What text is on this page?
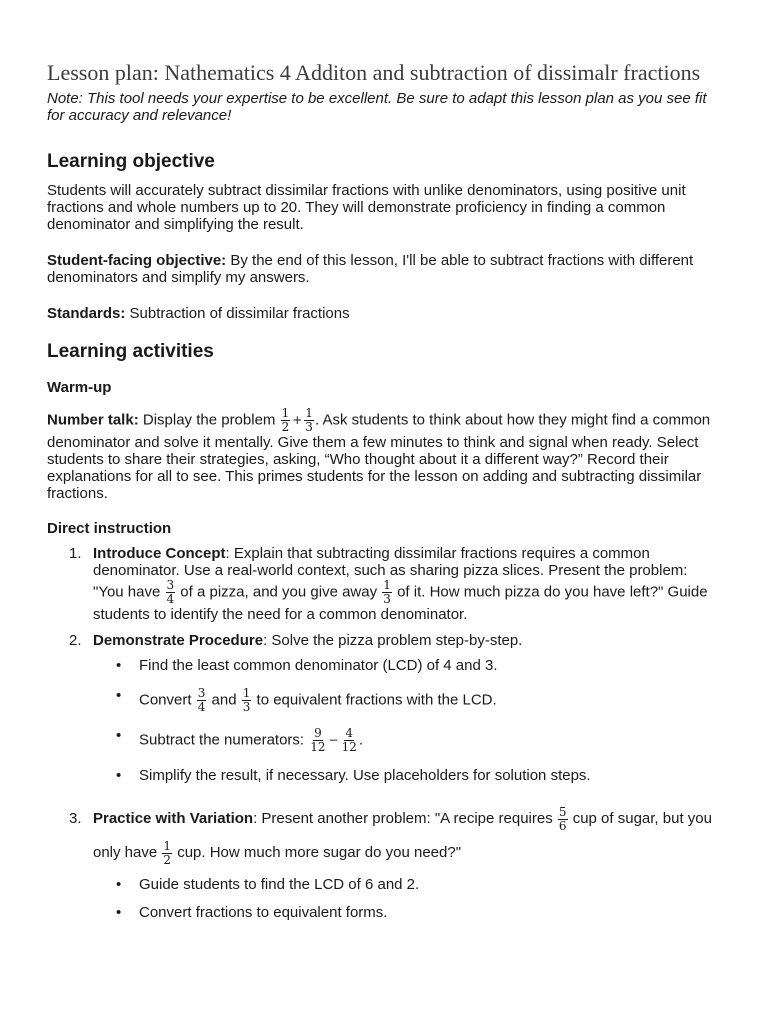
Lesson plan: Nathematics 4 Additon and subtraction of dissimalr fractions

Note: This tool needs your expertise to be excellent. Be sure to adapt this lesson plan as you see fit for accuracy and relevance!

Learning objective

Students will accurately subtract dissimilar fractions with unlike denominators, using positive unit fractions and whole numbers up to 20. They will demonstrate proficiency in finding a common denominator and simplifying the result.

Student-facing objective: By the end of this lesson, I'll be able to subtract fractions with different denominators and simplify my answers.

Standards: Subtraction of dissimilar fractions

Learning activities
Warm-up

Number talk: Display the problem $\frac{1}{2} + \frac{1}{3}$ . Ask students to think about how they might find a common denominator and solve it mentally. Give them a few minutes to think and signal when ready. Select students to share their strategies, asking, “Who thought about it a different way?” Record their explanations for all to see. This primes students for the lesson on adding and subtracting dissimilar fractions.

Direct instruction
1. Introduce Concept: Explain that subtracting dissimilar fractions requires a common denominator. Use a real-world context, such as sharing pizza slices. Present the problem: "You have $\frac{3}{4}$ of a pizza, and you give away $\frac{1}{3}$ of it. How much pizza do you have left?" Guide students to identify the need for a common denominator.
2. Demonstrate Procedure: Solve the pizza problem step-by-step.
• Find the least common denominator (LCD) of 4 and 3.
• Convert $\frac{3}{4}$ and $\frac{1}{3}$ to equivalent fractions with the LCD.
• Subtract the numerators: $\frac{9}{12} - \frac{4}{12}$ .
• Simplify the result, if necessary. Use placeholders for solution steps.
3. Practice with Variation: Present another problem: "A recipe requires $\frac{5}{6}$ cup of sugar, but you only have $\frac{1}{2}$ cup. How much more sugar do you need?"
• Guide students to find the LCD of 6 and 2.
• Convert fractions to equivalent forms.
